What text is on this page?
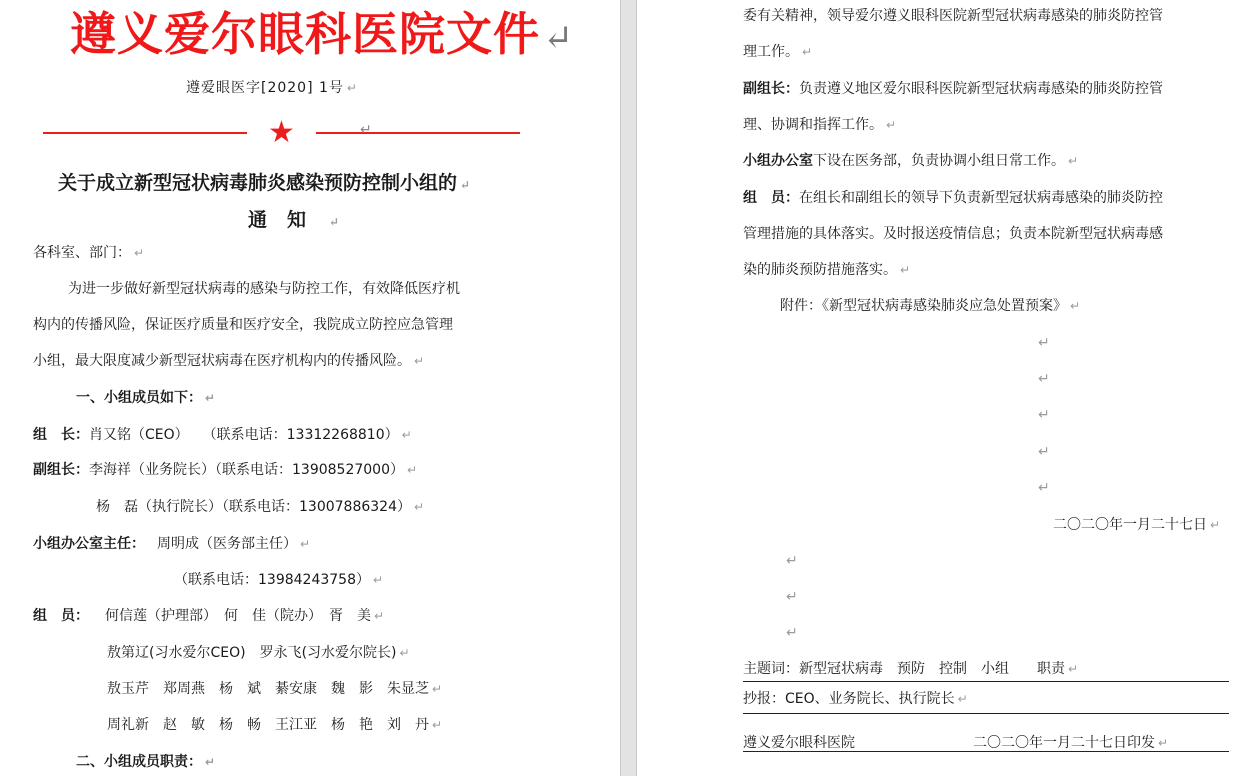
遵义爱尔眼科医院文件↵
遵爱眼医字[2020] 1号 ↵
★	↵
关于成立新型冠状病毒肺炎感染预防控制小组的 ↵
通知 ↵
各科室、部门： ↵
为进一步做好新型冠状病毒的感染与防控工作，有效降低医疗机
构内的传播风险，保证医疗质量和医疗安全，我院成立防控应急管理
小组，最大限度减少新型冠状病毒在医疗机构内的传播风险。 ↵
一、小组成员如下： ↵
组　长：肖又铭（CEO）　　（联系电话：13312268810） ↵
副组长：李海祥（业务院长）（联系电话：13908527000） ↵
杨　磊（执行院长）（联系电话：13007886324） ↵
小组办公室主任： 周明成（医务部主任） ↵
（联系电话：13984243758） ↵
组　员： 何信莲（护理部）　何　佳（院办）　胥　美 ↵
敖第辽(习水爱尔CEO)　罗永飞(习水爱尔院长) ↵
敖玉芹　郑周燕　杨　斌　綦安康　魏　影　朱显芝 ↵
周礼新　赵　敏　杨　畅　王江亚　杨　艳　刘　丹 ↵
二、小组成员职责： ↵
委有关精神，领导爱尔遵义眼科医院新型冠状病毒感染的肺炎防控管
理工作。 ↵
副组长：负责遵义地区爱尔眼科医院新型冠状病毒感染的肺炎防控管
理、协调和指挥工作。 ↵
小组办公室下设在医务部，负责协调小组日常工作。 ↵
组　员：在组长和副组长的领导下负责新型冠状病毒感染的肺炎防控
管理措施的具体落实。及时报送疫情信息；负责本院新型冠状病毒感
染的肺炎预防措施落实。 ↵
附件：《新型冠状病毒感染肺炎应急处置预案》 ↵
↵
↵
↵
↵
↵
二〇二〇年一月二十七日 ↵
↵
↵
↵
主题词：新型冠状病毒　预防　控制　小组　　职责 ↵
抄报：CEO、业务院长、执行院长 ↵
遵义爱尔眼科医院	二〇二〇年一月二十七日印发 ↵
